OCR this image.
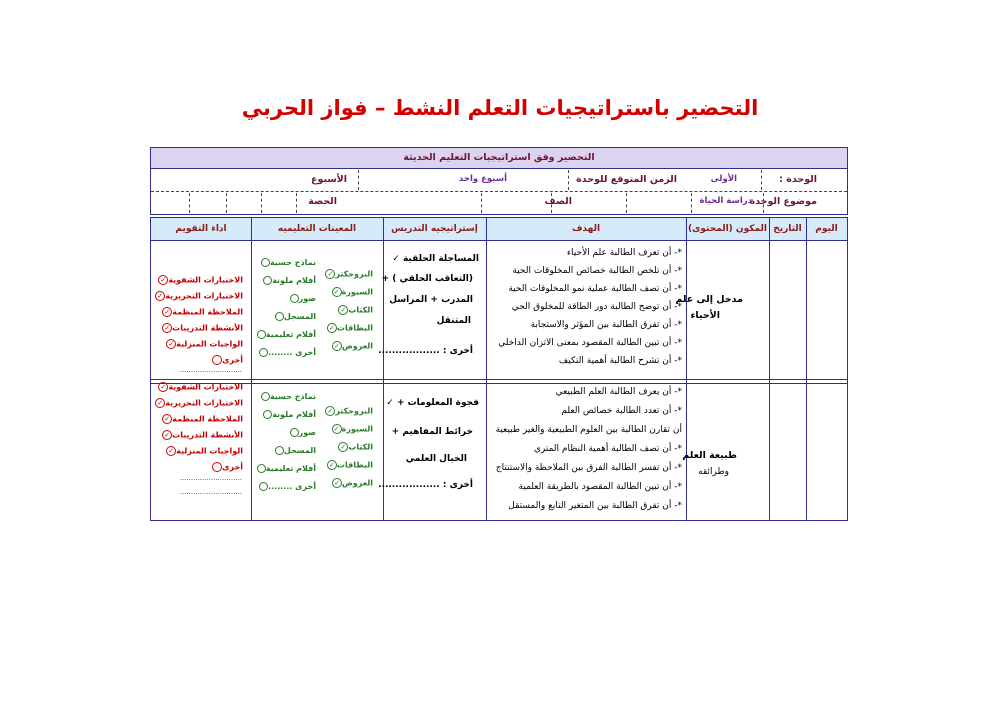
التحضير باستراتيجيات التعلم النشط – فواز الحربي
التحضير وفق استراتيجيات التعليم الحديثة
الوحدة :
الأولى
الزمن المتوقع للوحدة
أسبوع واحد
الأسبوع
موضوع الوحدة
دراسة الحياة
الصف
الحصة
اليوم
التاريخ
المكون (المحتوى)
الهدف
إستراتيجيه التدريس
المعينات التعليميه
اداء التقويم
مدخل إلى علم
الأحياء
*- أن تعرف الطالبة علم الأحياء
*- أن تلخص الطالبة خصائص المخلوقات الحية
*- أن تصف الطالبة عملية نمو المخلوقات الحية
*- أن توضح الطالبة دور الطاقة للمخلوق الحي
*- أن تفرق الطالبة بين المؤثر والاستجابة
*- أن تبين الطالبة المقصود بمعنى الاتزان الداخلي
*- أن تشرح الطالبة أهمية التكيف
المساجلة الحلقية ✓
(التعاقب الحلقي ) +
المدرب + المراسل
المتنقل
أخرى : ..................
البروجكتر✓
السبورة✓
الكتاب✓
البطاقات✓
العروض✓
نماذج حسية
أفلام ملونة
صور
المسجل
أفلام تعليمية
أخرى ........
الاختبارات الشفوية✓
الاختبارات التحريرية✓
الملاحظة المنظمة✓
الأنشطة التدريبات✓
الواجبات المنزلية✓
أخرى
............................
طبيعة العلم
وطرائقه
*- أن يعرف الطالبة العلم الطبيعي
*- أن تعدد الطالبة خصائص العلم
أن تقارن الطالبة بين العلوم الطبيعية والغير طبيعية
*- أن تصف الطالبة أهمية النظام المتري
*- أن تفسر الطالبة الفرق بين الملاحظة والاستنتاج
*- أن تبين الطالبة المقصود بالطريقة العلمية
*- أن تفرق الطالبة بين المتغير التابع والمستقل
فجوة المعلومات + ✓
خرائط المفاهيم +
الخيال العلمي
أخرى : ..................
البروجكتر✓
السبورة✓
الكتاب✓
البطاقات✓
العروض✓
نماذج حسية
أفلام ملونة
صور
المسجل
أفلام تعليمية
أخرى ........
الاختبارات الشفوية✓
الاختبارات التحريرية✓
الملاحظة المنظمة✓
الأنشطة التدريبات✓
الواجبات المنزلية✓
أخرى
............................
............................
